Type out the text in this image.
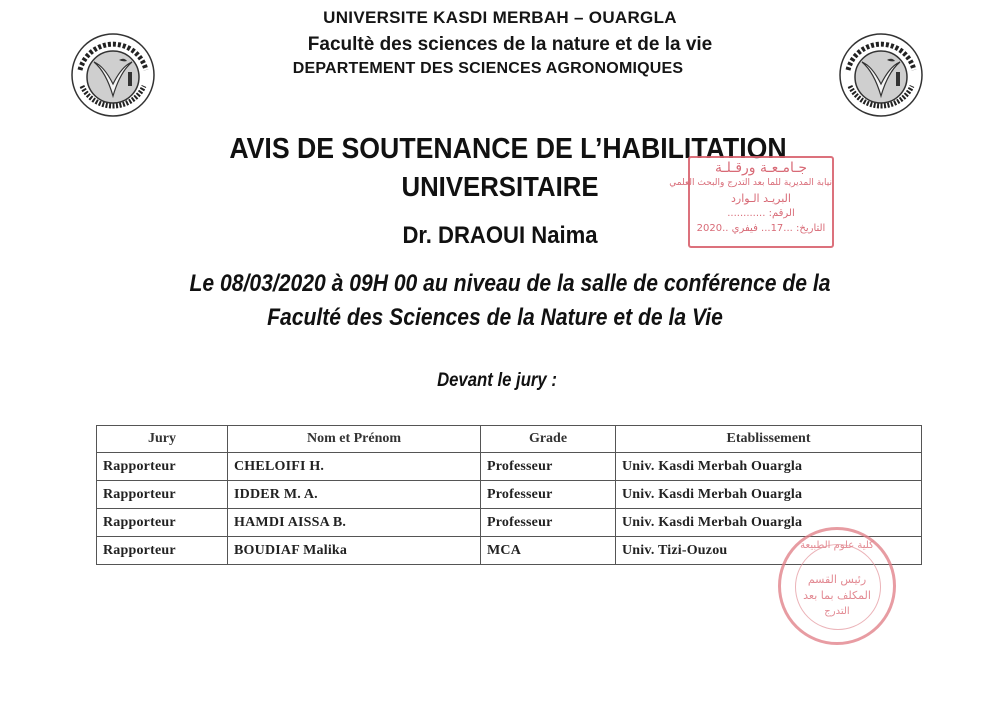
UNIVERSITE KASDI MERBAH – OUARGLA
Facultè des sciences de la nature et de la vie
DEPARTEMENT DES SCIENCES AGRONOMIQUES
AVIS DE SOUTENANCE DE L’HABILITATION
UNIVERSITAIRE
Dr. DRAOUI Naima
جـامـعـة ورقـلـة
نيابة المديرية للما بعد التدرج والبحث العلمي
البريـد الـوارد
الرقم: ............
التاريخ: ...17... فيفري ..2020
Le 08/03/2020 à 09H 00 au niveau de la salle de conférence de la
Faculté des Sciences de la Nature et de la Vie
Devant le jury :
Jury	Nom et Prénom	Grade	Etablissement
Rapporteur	CHELOIFI H.	Professeur	Univ. Kasdi Merbah Ouargla
Rapporteur	IDDER M. A.	Professeur	Univ. Kasdi Merbah Ouargla
Rapporteur	HAMDI AISSA B.	Professeur	Univ. Kasdi Merbah Ouargla
Rapporteur	BOUDIAF Malika	MCA	Univ. Tizi-Ouzou	كلية علوم الطبيعة
رئيس القسم
المكلف بما بعد
التدرج
